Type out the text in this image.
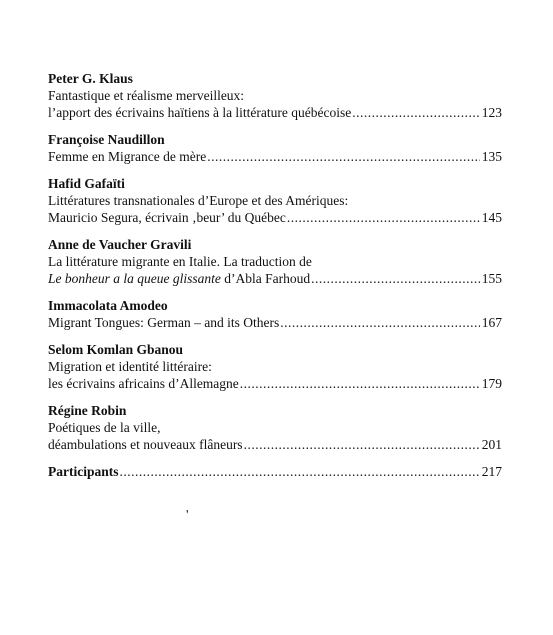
Peter G. Klaus
Fantastique et réalisme merveilleux:
l’apport des écrivains haïtiens à la littérature québécoise .....	123
Françoise Naudillon
Femme en Migrance de mère .....	135
Hafid Gafaïti
Littératures transnationales d’Europe et des Amériques:
Mauricio Segura, écrivain ‚beur’ du Québec .....	145
Anne de Vaucher Gravili
La littérature migrante en Italie. La traduction de
Le bonheur a la queue glissante d’Abla Farhoud .....	155
Immacolata Amodeo
Migrant Tongues: German – and its Others .....	167
Selom Komlan Gbanou
Migration et identité littéraire:
les écrivains africains d’Allemagne .....	179
Régine Robin
Poétiques de la ville,
déambulations et nouveaux flâneurs .....	201
Participants .....	217
'
